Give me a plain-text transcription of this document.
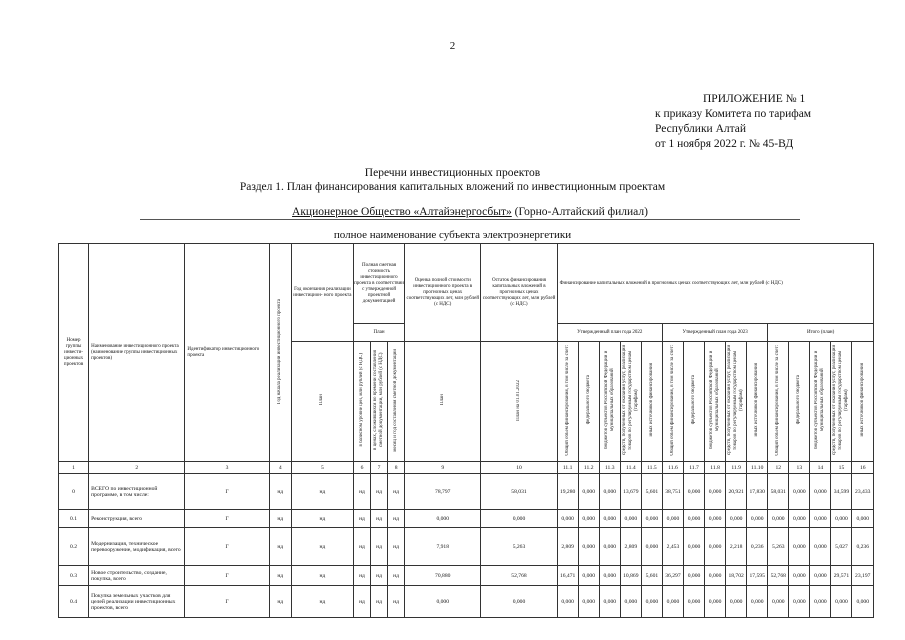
2
ПРИЛОЖЕНИЕ № 1
к приказу Комитета по тарифам
Республики Алтай
от 1 ноября 2022 г. № 45-ВД
Перечни инвестиционных проектов
Раздел 1. План финансирования капитальных вложений по инвестиционным проектам
Акционерное Общество «Алтайэнергосбыт» (Горно-Алтайский филиал)
полное наименование субъекта электроэнергетики
Номер группы инвести- ционных проектов	Наименование инвестиционного проекта (наименование группы инвестиционных проектов)	Идентификатор инвестиционного проекта	Год начала реализации инвестиционного проекта	Год окончания реализации инвестицион- ного проекта	Полная сметная стоимость инвестиционного проекта в соответствии с утвержденной проектной документацией			Оценка полной стоимости инвестиционного проекта в прогнозных ценах соответствующих лет, млн рублей (с НДС)	Остаток финансирования капитальных вложений в прогнозных ценах соответствующих лет, млн рублей (с НДС)	Финансирование капитальных вложений в прогнозных ценах соответствующих лет, млн рублей (с НДС)														
					План					Утвержденный план года 2022					Утвержденный план года 2023					Итого (план)				
				План	в базисном уровне цен, млн рублей (с НДС)	в ценах, сложившихся во времени составления сметной документации, млн рублей (с НДС)	месяц и год составления сметной документации	План	План на 01.01.2022	Общий объем финансирования, в том числе за счет:	федерального бюджета	бюджетов субъектов Российской Федерации и муниципальных образований	средств, полученных от оказания услуг, реализации товаров по регулируемым государством ценам (тарифам)	иных источников финансирования	Общий объем финансирования, в том числе за счет:	федерального бюджета	бюджетов субъектов Российской Федерации и муниципальных образований	средств, полученных от оказания услуг, реализации товаров по регулируемым государством ценам (тарифам)	иных источников финансирования	Общий объем финансирования, в том числе за счет:	федерального бюджета	бюджетов субъектов Российской Федерации и муниципальных образований	средств, полученных от оказания услуг, реализации товаров по регулируемым государством ценам (тарифам)	иных источников финансирования
1	2	3	4	5	6	7	8	9	10	11.1	11.2	11.3	11.4	11.5	11.6	11.7	11.8	11.9	11.10	12	13	14	15	16
0	ВСЕГО по инвестиционной программе, в том числе:	Г	нд	нд	нд	нд	нд	78,797	58,031	19,280	0,000	0,000	13,679	5,601	38,751	0,000	0,000	20,921	17,830	58,031	0,000	0,000	34,599	23,433
0.1	Реконструкция, всего	Г	нд	нд	нд	нд	нд	0,000	0,000	0,000	0,000	0,000	0,000	0,000	0,000	0,000	0,000	0,000	0,000	0,000	0,000	0,000	0,000	0,000
0.2	Модернизация, техническое перевооружение, модификация, всего	Г	нд	нд	нд	нд	нд	7,918	5,263	2,809	0,000	0,000	2,809	0,000	2,453	0,000	0,000	2,218	0,236	5,263	0,000	0,000	5,027	0,236
0.3	Новое строительство, создание, покупка, всего	Г	нд	нд	нд	нд	нд	70,880	52,768	16,471	0,000	0,000	10,869	5,601	36,297	0,000	0,000	18,702	17,595	52,768	0,000	0,000	29,571	23,197
0.4	Покупка земельных участков для целей реализации инвестиционных проектов, всего	Г	нд	нд	нд	нд	нд	0,000	0,000	0,000	0,000	0,000	0,000	0,000	0,000	0,000	0,000	0,000	0,000	0,000	0,000	0,000	0,000	0,000
